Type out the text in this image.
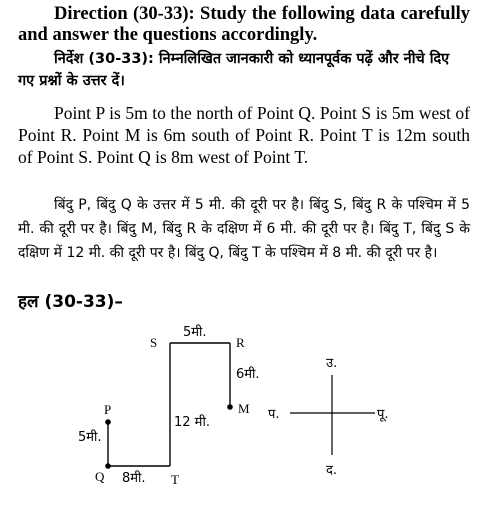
Direction (30-33): Study the following data carefully and answer the questions accordingly.

निर्देश (30-33): निम्नलिखित जानकारी को ध्यानपूर्वक पढ़ें और नीचे दिए गए प्रश्नों के उत्तर दें।

Point P is 5m to the north of Point Q. Point S is 5m west of Point R. Point M is 6m south of Point R. Point T is 12m south of Point S. Point Q is 8m west of Point T.

बिंदु P, बिंदु Q के उत्तर में 5 मी. की दूरी पर है। बिंदु S, बिंदु R के पश्चिम में 5 मी. की दूरी पर है। बिंदु M, बिंदु R के दक्षिण में 6 मी. की दूरी पर है। बिंदु T, बिंदु S के दक्षिण में 12 मी. की दूरी पर है। बिंदु Q, बिंदु T के पश्चिम में 8 मी. की दूरी पर है।

हल (30-33)–

S	R
M
P
Q	T
5मी.
6मी.
12 मी.
5मी.
8मी.
उ.
द.
पू.
प.
